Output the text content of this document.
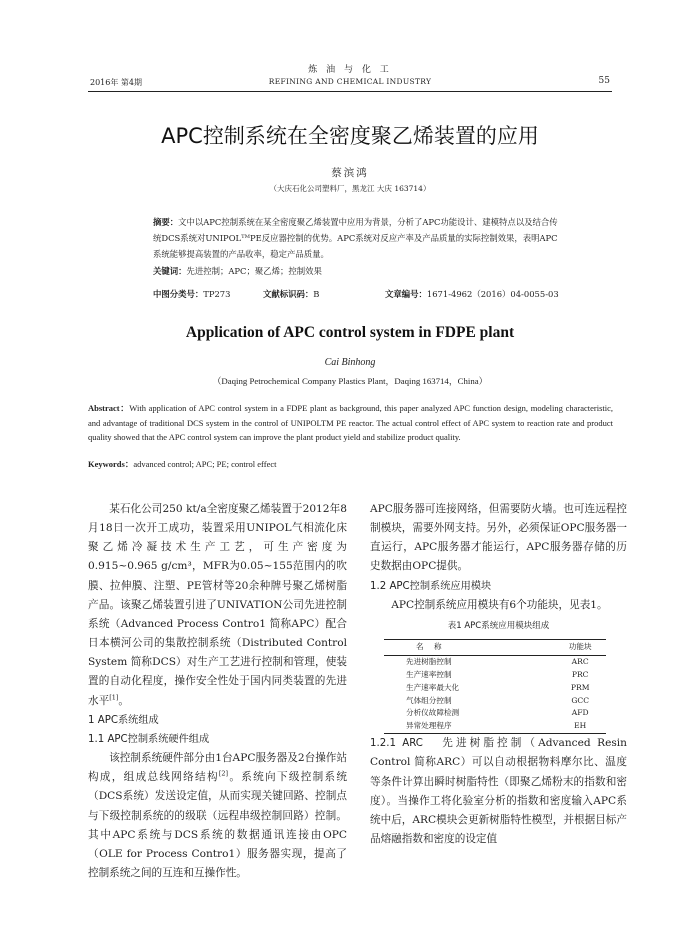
炼 油 与 化 工
2016年 第4期	REFINING AND CHEMICAL INDUSTRY	55
APC控制系统在全密度聚乙烯装置的应用
蔡滨鸿
（大庆石化公司塑料厂，黑龙江 大庆 163714）

摘要：文中以APC控制系统在某全密度聚乙烯装置中应用为背景，分析了APC功能设计、建模特点以及结合传统DCS系统对UNIPOLᵀᴹPE反应器控制的优势。APC系统对反应产率及产品质量的实际控制效果，表明APC系统能够提高装置的产品收率，稳定产品质量。

关键词：先进控制；APC；聚乙烯；控制效果

中图分类号：TP273	文献标识码：B	文章编号：1671-4962（2016）04-0055-03
Application of APC control system in FDPE plant
Cai Binhong
（Daqing Petrochemical Company Plastics Plant，Daqing 163714，China）
Abstract：With application of APC control system in a FDPE plant as background, this paper analyzed APC function design, modeling characteristic, and advantage of traditional DCS system in the control of UNIPOLTM PE reactor. The actual control effect of APC system to reaction rate and product quality showed that the APC control system can improve the plant product yield and stabilize product quality.
Keywords：advanced control; APC; PE; control effect

某石化公司250 kt/a全密度聚乙烯装置于2012年8月18日一次开工成功，装置采用UNIPOL气相流化床聚乙烯冷凝技术生产工艺，可生产密度为0.915~0.965 g/cm³，MFR为0.05~155范围内的吹膜、拉伸膜、注塑、PE管材等20余种牌号聚乙烯树脂产品。该聚乙烯装置引进了UNIVATION公司先进控制系统（Advanced Process Contro1 简称APC）配合日本横河公司的集散控制系统（Distributed Control System 简称DCS）对生产工艺进行控制和管理，使装置的自动化程度，操作安全性处于国内同类装置的先进水平[1]。

1 APC系统组成

1.1 APC控制系统硬件组成

该控制系统硬件部分由1台APC服务器及2台操作站构成，组成总线网络结构[2]。系统向下级控制系统（DCS系统）发送设定值，从而实现关键回路、控制点与下级控制系统的的级联（远程串级控制回路）控制。其中APC系统与DCS系统的数据通讯连接由OPC（OLE for Process Contro1）服务器实现，提高了控制系统之间的互连和互操作性。

APC服务器可连接网络，但需要防火墙。也可连远程控制模块，需要外网支持。另外，必须保证OPC服务器一直运行，APC服务器才能运行，APC服务器存储的历史数据由OPC提供。

1.2 APC控制系统应用模块

APC控制系统应用模块有6个功能块，见表1。

表1 APC系统应用模块组成
名 称	功能块
先进树脂控制	ARC
生产速率控制	PRC
生产速率最大化	PRM
气体组分控制	GCC
分析仪故障检测	AFD
异常处理程序	EH

1.2.1 ARC 先进树脂控制（Advanced Resin Control 简称ARC）可以自动根据物料摩尔比、温度等条件计算出瞬时树脂特性（即聚乙烯粉末的指数和密度）。当操作工将化验室分析的指数和密度输入APC系统中后，ARC模块会更新树脂特性模型，并根据目标产品熔融指数和密度的设定值
